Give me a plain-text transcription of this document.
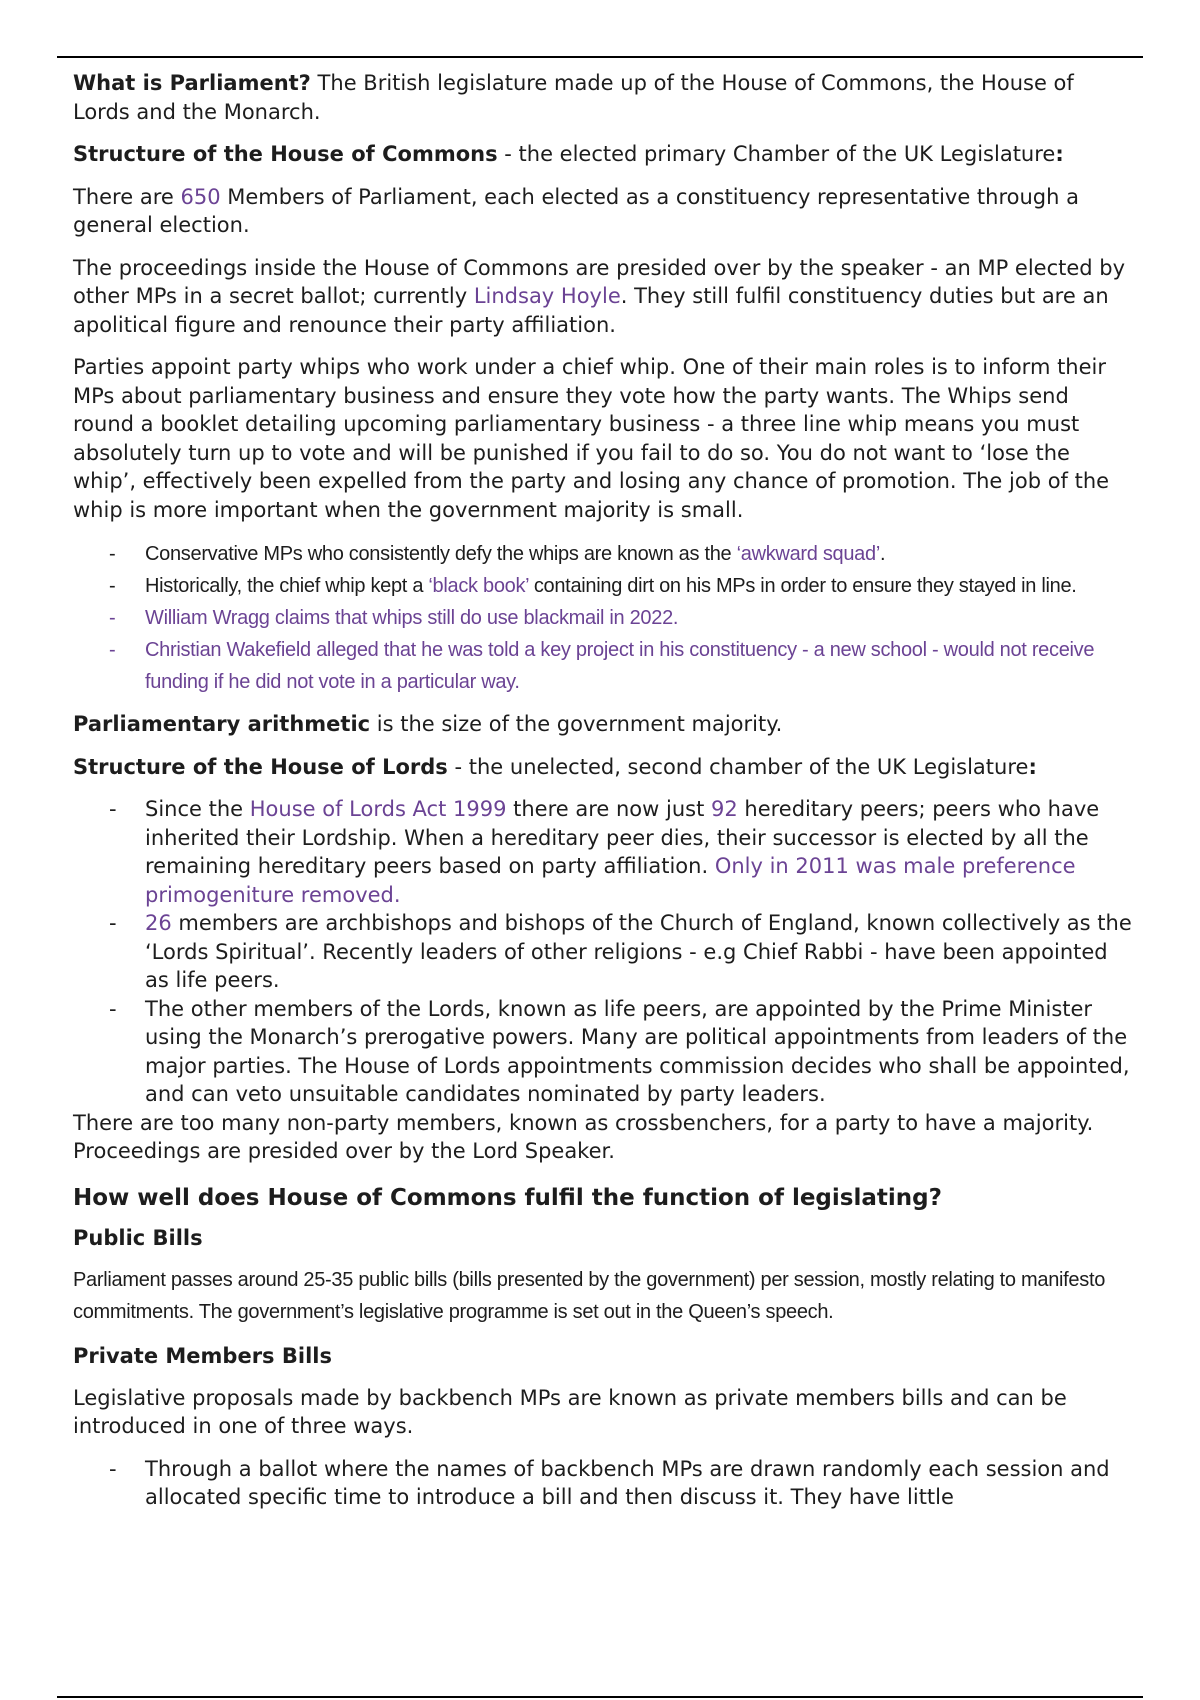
What is Parliament? The British legislature made up of the House of Commons, the House of Lords and the Monarch.

Structure of the House of Commons - the elected primary Chamber of the UK Legislature:

There are 650 Members of Parliament, each elected as a constituency representative through a general election.

The proceedings inside the House of Commons are presided over by the speaker - an MP elected by other MPs in a secret ballot; currently Lindsay Hoyle. They still fulfil constituency duties but are an apolitical figure and renounce their party affiliation.

Parties appoint party whips who work under a chief whip. One of their main roles is to inform their MPs about parliamentary business and ensure they vote how the party wants. The Whips send round a booklet detailing upcoming parliamentary business - a three line whip means you must absolutely turn up to vote and will be punished if you fail to do so. You do not want to ‘lose the whip’, effectively been expelled from the party and losing any chance of promotion. The job of the whip is more important when the government majority is small.

- Conservative MPs who consistently defy the whips are known as the ‘awkward squad’.
- Historically, the chief whip kept a ‘black book’ containing dirt on his MPs in order to ensure they stayed in line.
- William Wragg claims that whips still do use blackmail in 2022.
- Christian Wakefield alleged that he was told a key project in his constituency - a new school - would not receive funding if he did not vote in a particular way.

Parliamentary arithmetic is the size of the government majority.

Structure of the House of Lords - the unelected, second chamber of the UK Legislature:

- Since the House of Lords Act 1999 there are now just 92 hereditary peers; peers who have inherited their Lordship. When a hereditary peer dies, their successor is elected by all the remaining hereditary peers based on party affiliation. Only in 2011 was male preference primogeniture removed.
- 26 members are archbishops and bishops of the Church of England, known collectively as the ‘Lords Spiritual’. Recently leaders of other religions - e.g Chief Rabbi - have been appointed as life peers.
- The other members of the Lords, known as life peers, are appointed by the Prime Minister using the Monarch’s prerogative powers. Many are political appointments from leaders of the major parties. The House of Lords appointments commission decides who shall be appointed, and can veto unsuitable candidates nominated by party leaders.

There are too many non-party members, known as crossbenchers, for a party to have a majority. Proceedings are presided over by the Lord Speaker.

How well does House of Commons fulfil the function of legislating?
Public Bills

Parliament passes around 25-35 public bills (bills presented by the government) per session, mostly relating to manifesto commitments. The government’s legislative programme is set out in the Queen’s speech.

Private Members Bills

Legislative proposals made by backbench MPs are known as private members bills and can be introduced in one of three ways.

- Through a ballot where the names of backbench MPs are drawn randomly each session and allocated specific time to introduce a bill and then discuss it. They have little
